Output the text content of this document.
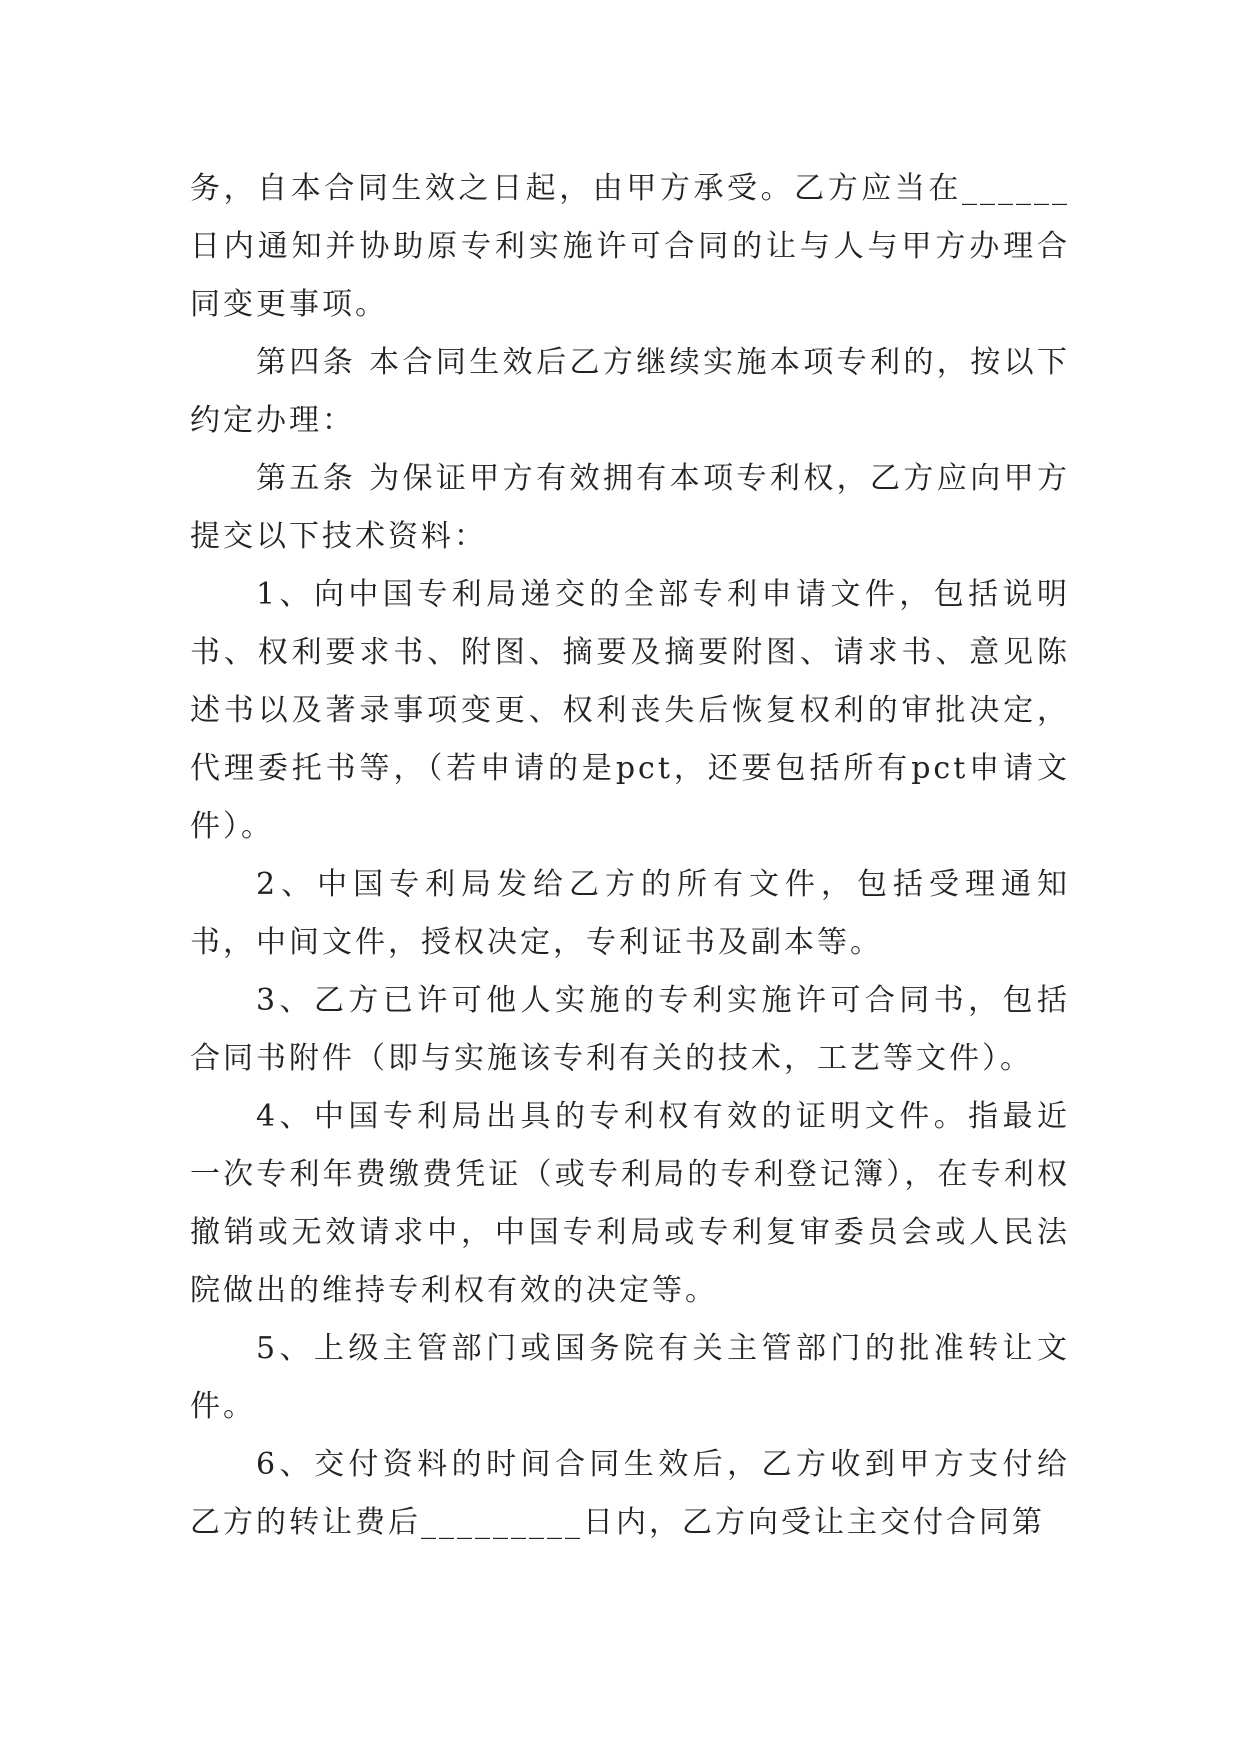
务，自本合同生效之日起，由甲方承受。乙方应当在______日内通知并协助原专利实施许可合同的让与人与甲方办理合同变更事项。

第四条 本合同生效后乙方继续实施本项专利的，按以下约定办理：

第五条 为保证甲方有效拥有本项专利权，乙方应向甲方提交以下技术资料：

1、向中国专利局递交的全部专利申请文件，包括说明书、权利要求书、附图、摘要及摘要附图、请求书、意见陈述书以及著录事项变更、权利丧失后恢复权利的审批决定，代理委托书等，（若申请的是pct，还要包括所有pct申请文件）。

2、中国专利局发给乙方的所有文件，包括受理通知书，中间文件，授权决定，专利证书及副本等。

3、乙方已许可他人实施的专利实施许可合同书，包括合同书附件（即与实施该专利有关的技术，工艺等文件）。

4、中国专利局出具的专利权有效的证明文件。指最近一次专利年费缴费凭证（或专利局的专利登记簿），在专利权撤销或无效请求中，中国专利局或专利复审委员会或人民法院做出的维持专利权有效的决定等。

5、上级主管部门或国务院有关主管部门的批准转让文件。

6、交付资料的时间合同生效后，乙方收到甲方支付给乙方的转让费后_________日内，乙方向受让主交付合同第
